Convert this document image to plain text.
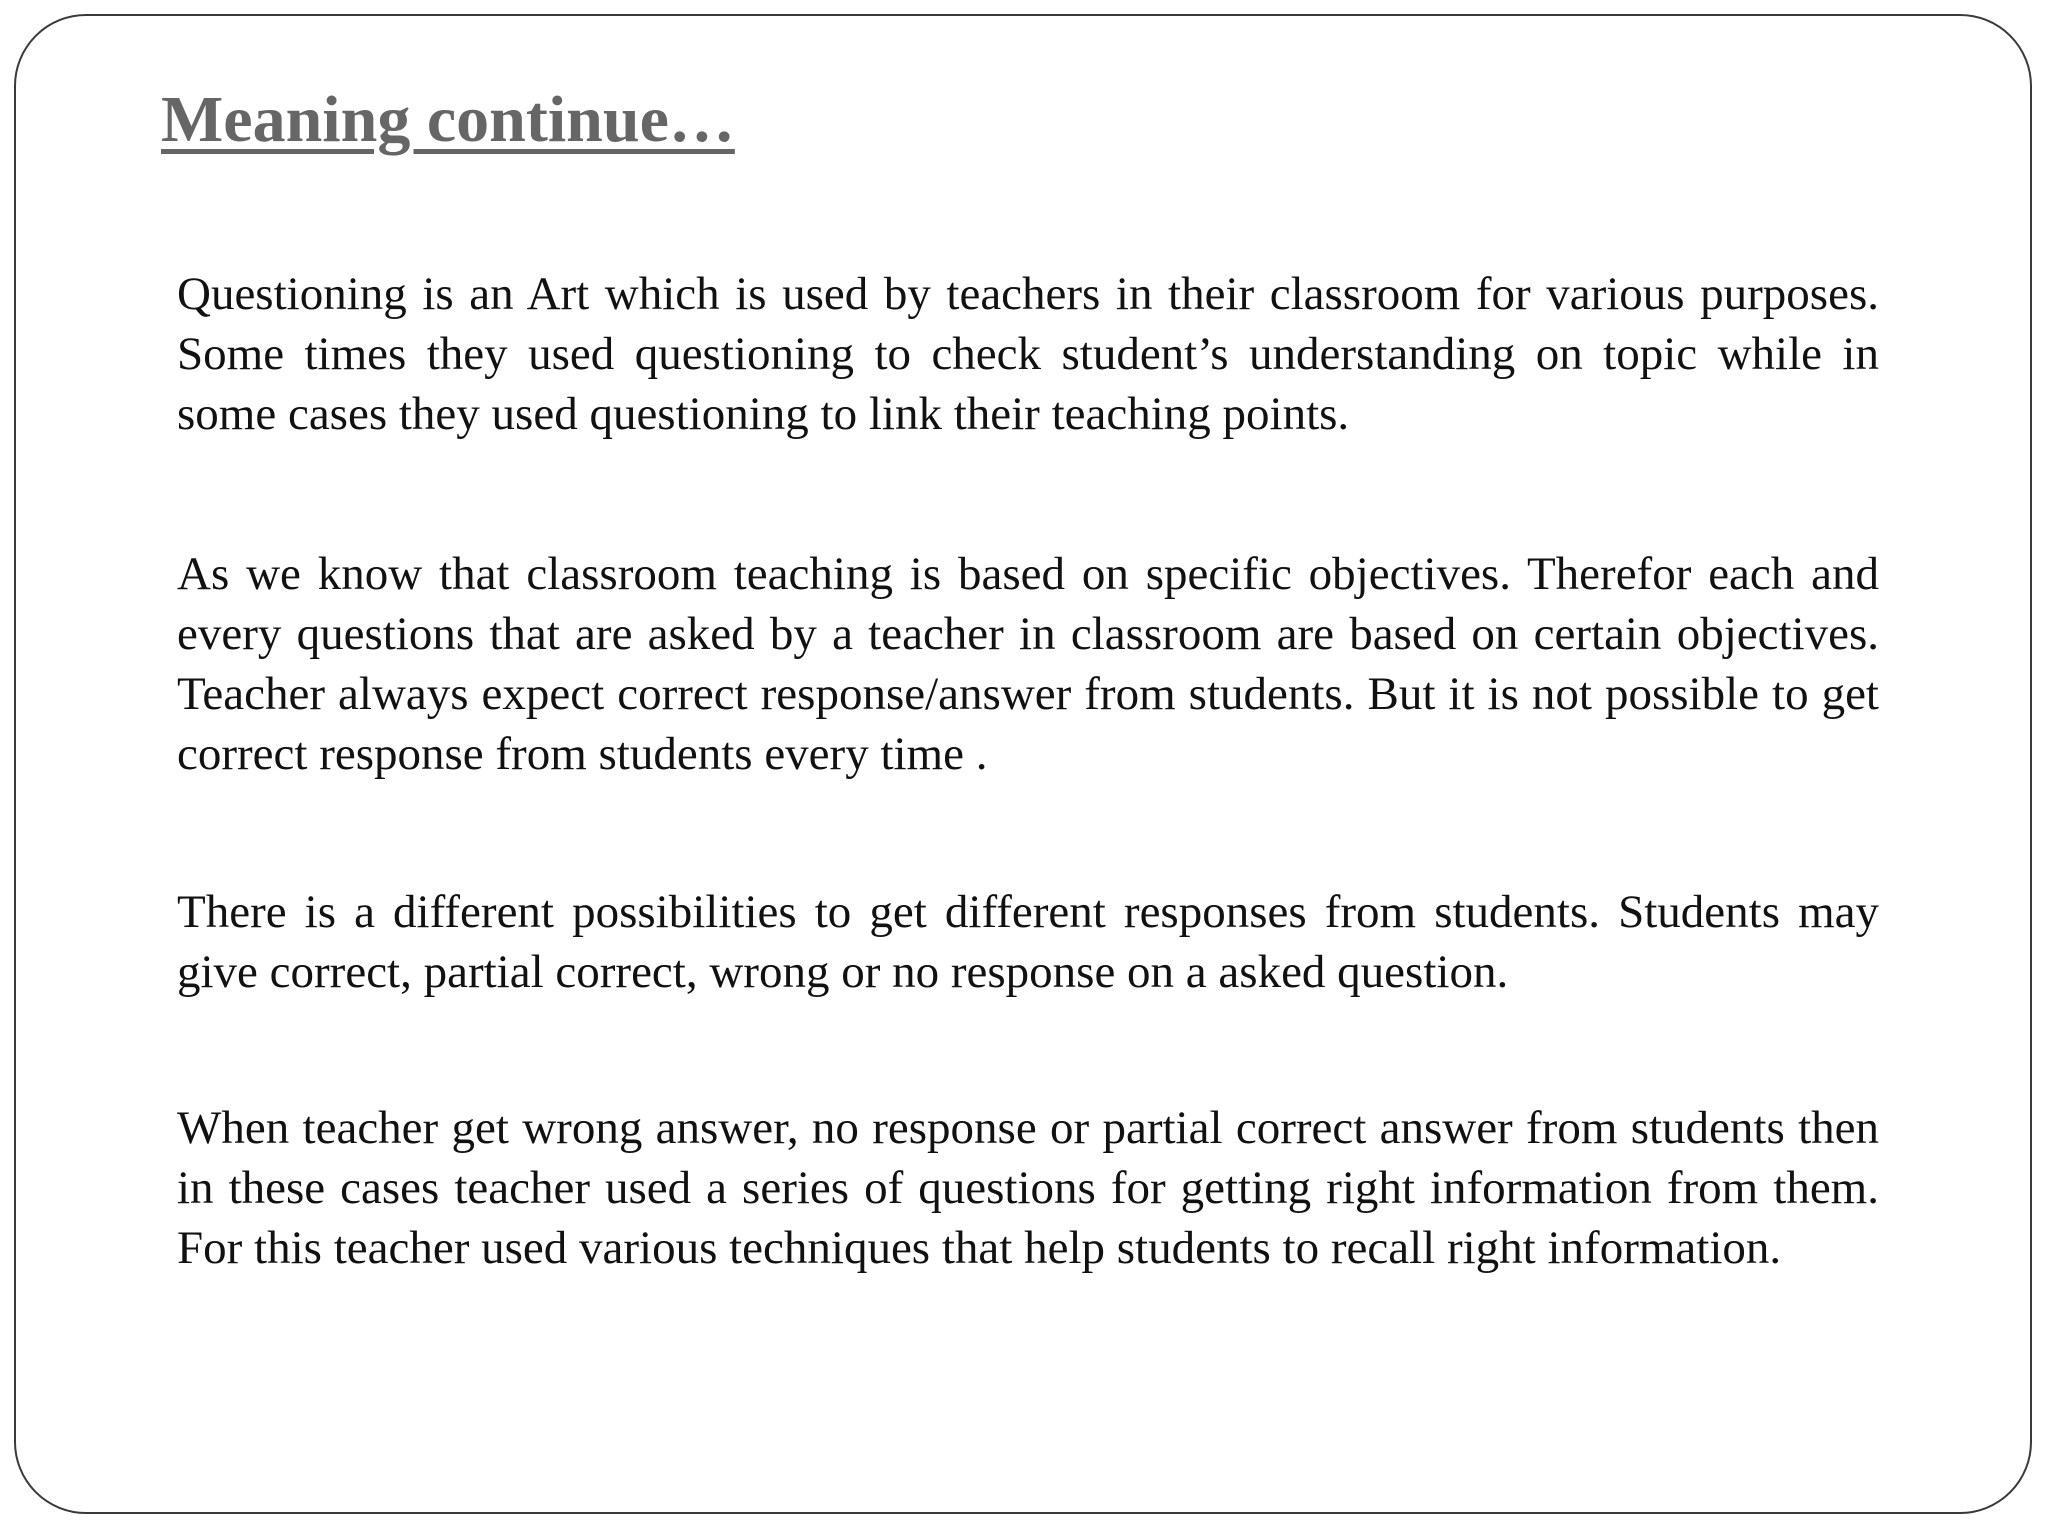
Meaning continue…

Questioning is an Art which is used by teachers in their classroom for various purposes. Some times they used questioning to check student’s understanding on topic while in some cases they used questioning to link their teaching points.

As we know that classroom teaching is based on specific objectives. Therefor each and every questions that are asked by a teacher in classroom are based on certain objectives. Teacher always expect correct response/answer from students. But it is not possible to get correct response from students every time .

There is a different possibilities to get different responses from students. Students may give correct, partial correct, wrong or no response on a asked question.

When teacher get wrong answer, no response or partial correct answer from students then in these cases teacher used a series of questions for getting right information from them. For this teacher used various techniques that help students to recall right information.
